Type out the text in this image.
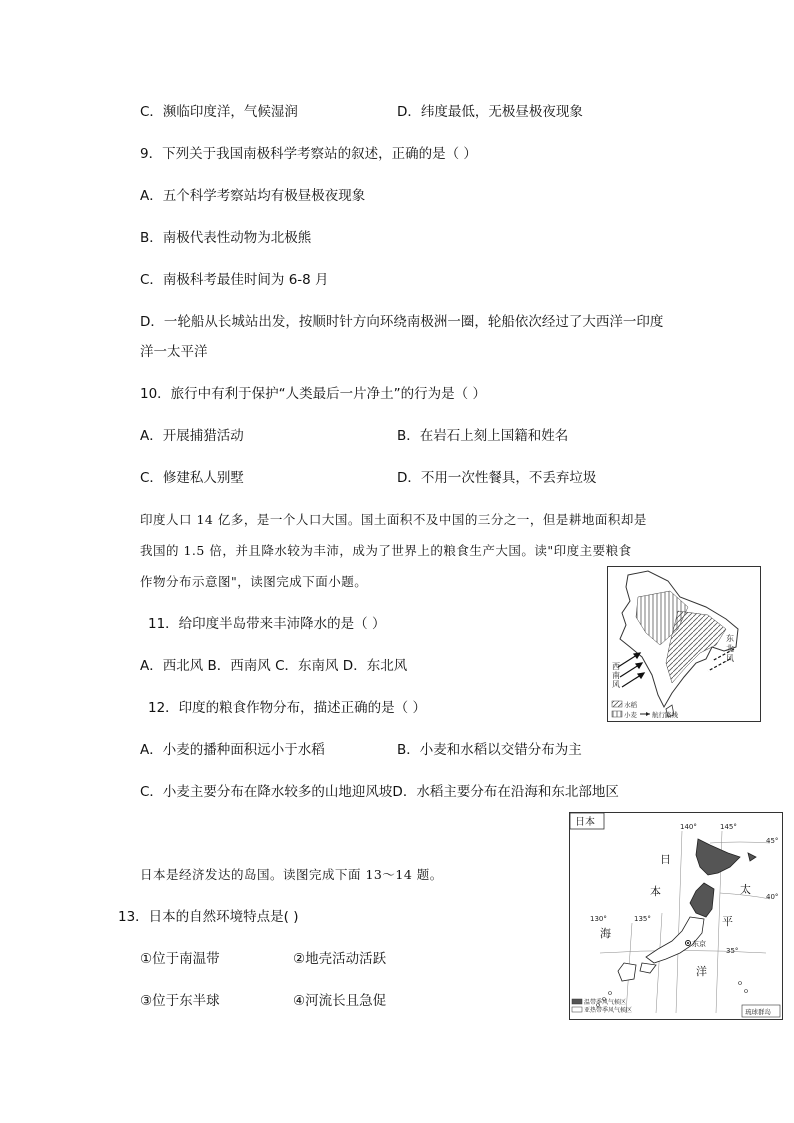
C．濒临印度洋，气候湿润	D．纬度最低，无极昼极夜现象
9．下列关于我国南极科学考察站的叙述，正确的是（ ）
A．五个科学考察站均有极昼极夜现象
B．南极代表性动物为北极熊
C．南极科考最佳时间为 6-8 月
D．一轮船从长城站出发，按顺时针方向环绕南极洲一圈，轮船依次经过了大西洋一印度
洋一太平洋
10．旅行中有利于保护“人类最后一片净土”的行为是（ ）
A．开展捕猎活动	B．在岩石上刻上国籍和姓名
C．修建私人别墅	D．不用一次性餐具，不丢弃垃圾
印度人口 14 亿多，是一个人口大国。国土面积不及中国的三分之一，但是耕地面积却是
我国的 1.5 倍，并且降水较为丰沛，成为了世界上的粮食生产大国。读"印度主要粮食
作物分布示意图"，读图完成下面小题。
11．给印度半岛带来丰沛降水的是（ ）
A．西北风 B．西南风 C．东南风 D．东北风
12．印度的粮食作物分布，描述正确的是（ ）
A．小麦的播种面积远小于水稻	B．小麦和水稻以交错分布为主
C．小麦主要分布在降水较多的山地迎风坡D．水稻主要分布在沿海和东北部地区
西
南
风
东
北
风
水稻
小麦 航行路线
日本是经济发达的岛国。读图完成下面 13～14 题。
13．日本的自然环境特点是( )
①位于南温带	②地壳活动活跃
③位于东半球	④河流长且急促
日本	140°	145°
130°	135°
45°
40°
35°
日
本
海
太
平
洋
东京
温带季风气候区
亚热带季风气候区	琉球群岛
